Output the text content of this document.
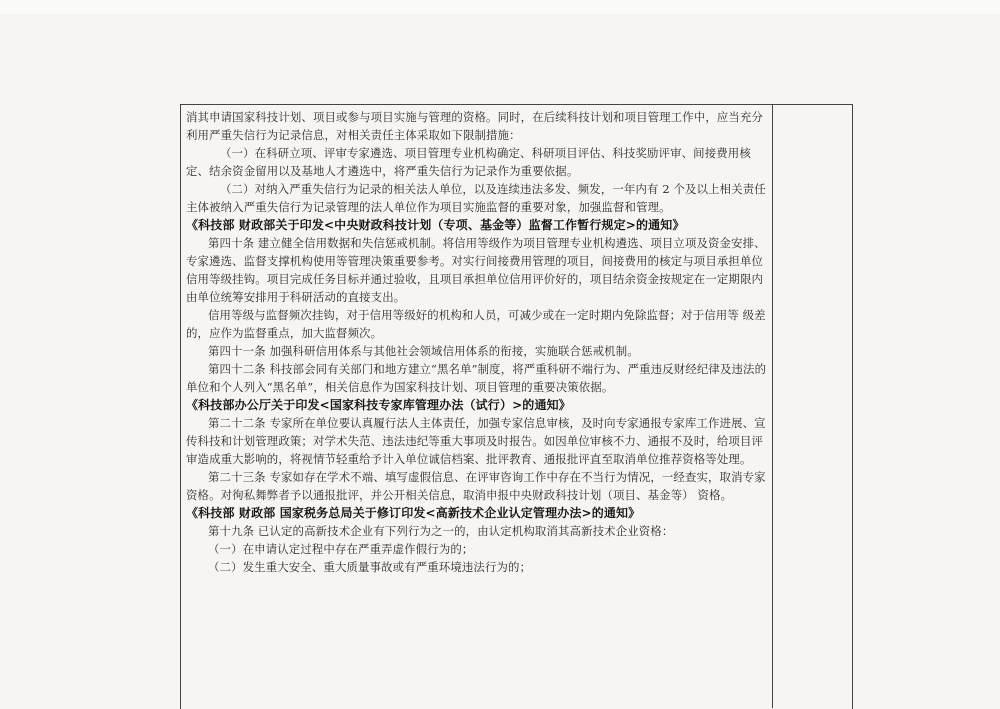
消其申请国家科技计划、项目或参与项目实施与管理的资格。同时，在后续科技计划和项目管理工作中，应当充分利用严重失信行为记录信息，对相关责任主体采取如下限制措施：

（一）在科研立项、评审专家遴选、项目管理专业机构确定、科研项目评估、科技奖励评审、间接费用核定、结余资金留用以及基地人才遴选中，将严重失信行为记录作为重要依据。

（二）对纳入严重失信行为记录的相关法人单位，以及连续违法多发、频发，一年内有 2 个及以上相关责任主体被纳入严重失信行为记录管理的法人单位作为项目实施监督的重要对象，加强监督和管理。

《科技部 财政部关于印发<中央财政科技计划（专项、基金等）监督工作暂行规定>的通知》

第四十条 建立健全信用数据和失信惩戒机制。将信用等级作为项目管理专业机构遴选、项目立项及资金安排、专家遴选、监督支撑机构使用等管理决策重要参考。对实行间接费用管理的项目，间接费用的核定与项目承担单位信用等级挂钩。项目完成任务目标并通过验收，且项目承担单位信用评价好的，项目结余资金按规定在一定期限内由单位统筹安排用于科研活动的直接支出。

信用等级与监督频次挂钩，对于信用等级好的机构和人员，可减少或在一定时期内免除监督；对于信用等 级差的，应作为监督重点，加大监督频次。

第四十一条 加强科研信用体系与其他社会领域信用体系的衔接，实施联合惩戒机制。

第四十二条 科技部会同有关部门和地方建立“黑名单”制度，将严重科研不端行为、严重违反财经纪律及违法的单位和个人列入“黑名单”，相关信息作为国家科技计划、项目管理的重要决策依据。

《科技部办公厅关于印发<国家科技专家库管理办法（试行）>的通知》

第二十二条 专家所在单位要认真履行法人主体责任，加强专家信息审核，及时向专家通报专家库工作进展、宣传科技和计划管理政策；对学术失范、违法违纪等重大事项及时报告。如因单位审核不力、通报不及时，给项目评审造成重大影响的，将视情节轻重给予计入单位诚信档案、批评教育、通报批评直至取消单位推荐资格等处理。

第二十三条 专家如存在学术不端、填写虚假信息、在评审咨询工作中存在不当行为情况，一经查实，取消专家资格。对徇私舞弊者予以通报批评，并公开相关信息，取消申报中央财政科技计划（项目、基金等） 资格。

《科技部 财政部 国家税务总局关于修订印发<高新技术企业认定管理办法>的通知》

第十九条 已认定的高新技术企业有下列行为之一的，由认定机构取消其高新技术企业资格：

（一）在申请认定过程中存在严重弄虚作假行为的；

（二）发生重大安全、重大质量事故或有严重环境违法行为的；
